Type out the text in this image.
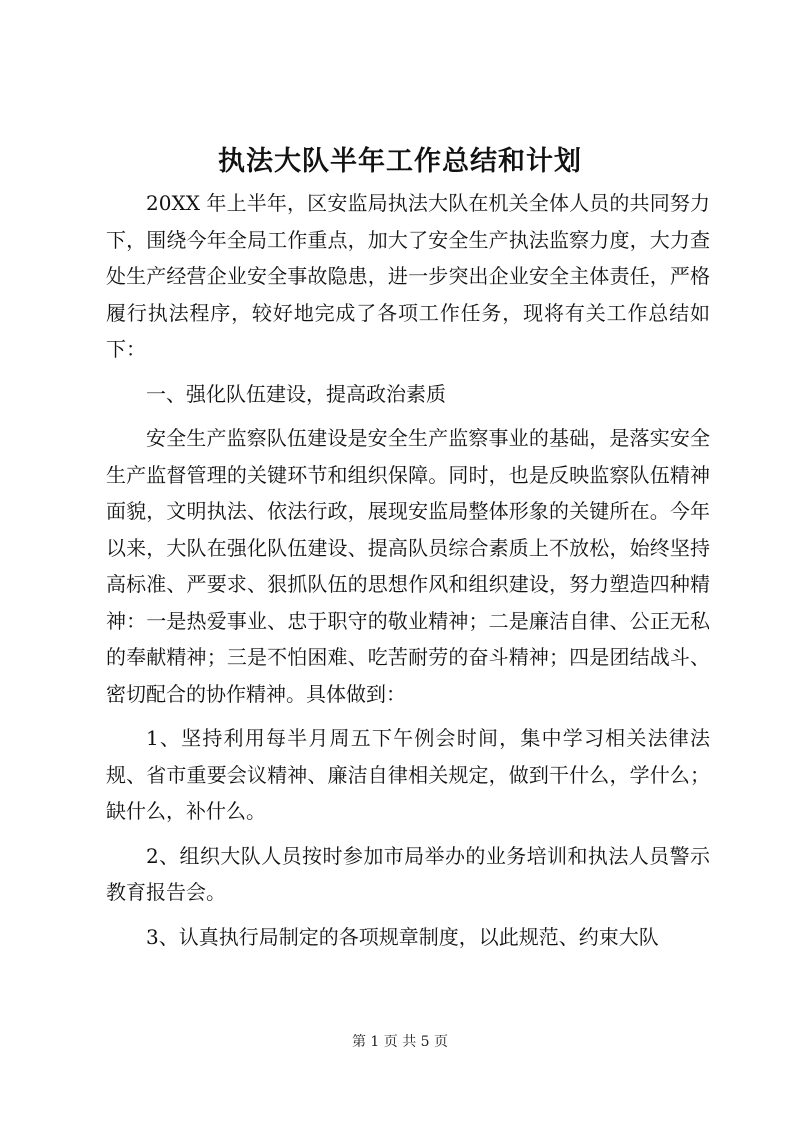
执法大队半年工作总结和计划

20XX 年上半年，区安监局执法大队在机关全体人员的共同努力下，围绕今年全局工作重点，加大了安全生产执法监察力度，大力查处生产经营企业安全事故隐患，进一步突出企业安全主体责任，严格履行执法程序，较好地完成了各项工作任务，现将有关工作总结如下：

一、强化队伍建设，提高政治素质

安全生产监察队伍建设是安全生产监察事业的基础，是落实安全生产监督管理的关键环节和组织保障。同时，也是反映监察队伍精神面貌，文明执法、依法行政，展现安监局整体形象的关键所在。今年以来，大队在强化队伍建设、提高队员综合素质上不放松，始终坚持高标准、严要求、狠抓队伍的思想作风和组织建设，努力塑造四种精神：一是热爱事业、忠于职守的敬业精神；二是廉洁自律、公正无私的奉献精神；三是不怕困难、吃苦耐劳的奋斗精神；四是团结战斗、密切配合的协作精神。具体做到：

1、坚持利用每半月周五下午例会时间，集中学习相关法律法规、省市重要会议精神、廉洁自律相关规定，做到干什么，学什么；缺什么，补什么。

2、组织大队人员按时参加市局举办的业务培训和执法人员警示教育报告会。

3、认真执行局制定的各项规章制度，以此规范、约束大队

第 1 页 共 5 页
